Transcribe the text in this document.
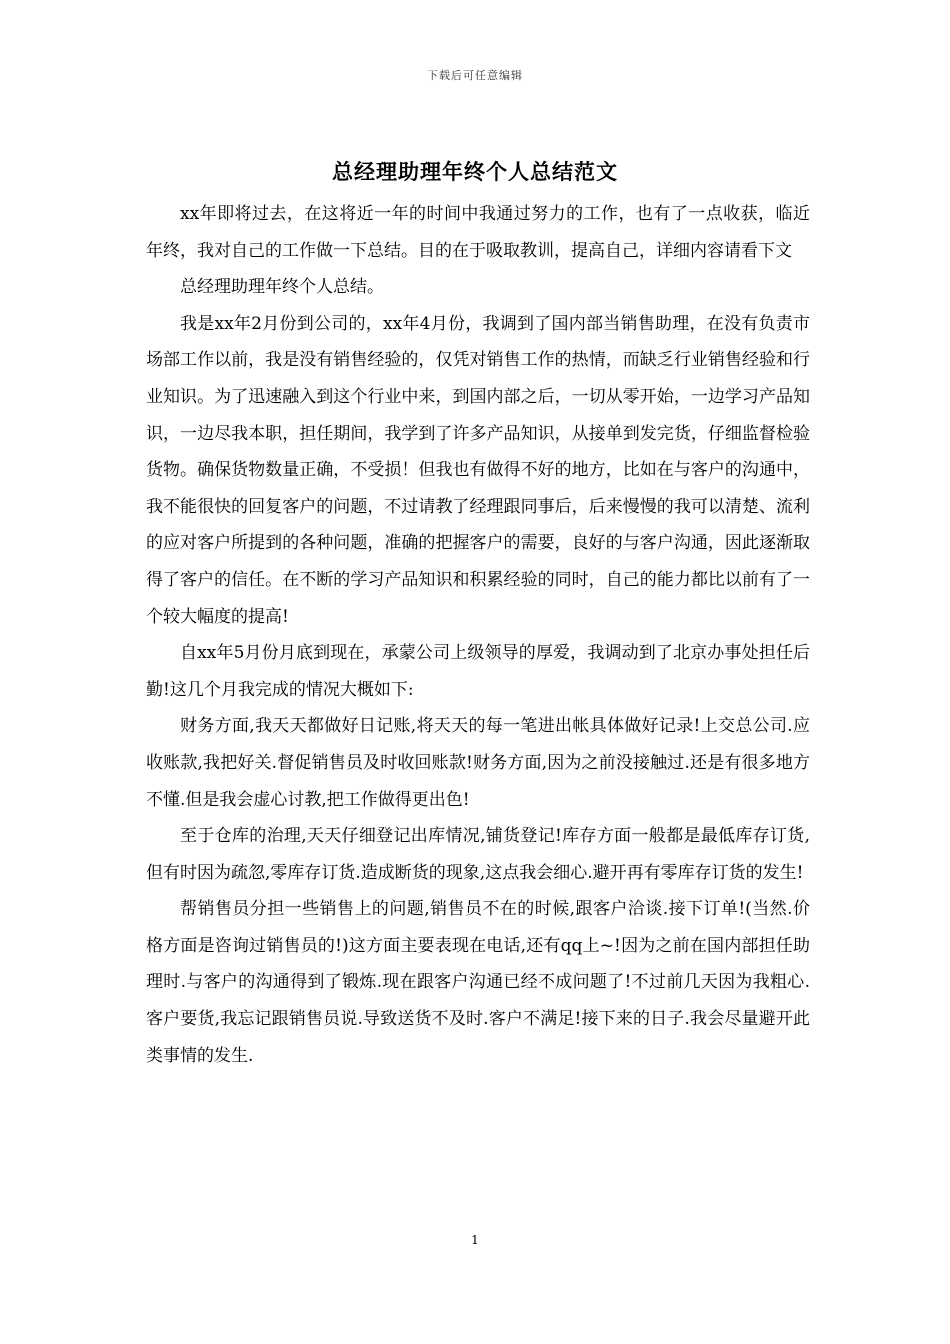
下载后可任意编辑
总经理助理年终个人总结范文

xx年即将过去，在这将近一年的时间中我通过努力的工作，也有了一点收获，临近年终，我对自己的工作做一下总结。目的在于吸取教训，提高自己，详细内容请看下文

总经理助理年终个人总结。

我是xx年2月份到公司的，xx年4月份，我调到了国内部当销售助理，在没有负责市场部工作以前，我是没有销售经验的，仅凭对销售工作的热情，而缺乏行业销售经验和行业知识。为了迅速融入到这个行业中来，到国内部之后，一切从零开始，一边学习产品知识，一边尽我本职，担任期间，我学到了许多产品知识，从接单到发完货，仔细监督检验货物。确保货物数量正确，不受损！但我也有做得不好的地方，比如在与客户的沟通中，我不能很快的回复客户的问题，不过请教了经理跟同事后，后来慢慢的我可以清楚、流利的应对客户所提到的各种问题，准确的把握客户的需要，良好的与客户沟通，因此逐渐取得了客户的信任。在不断的学习产品知识和积累经验的同时，自己的能力都比以前有了一个较大幅度的提高!

自xx年5月份月底到现在，承蒙公司上级领导的厚爱，我调动到了北京办事处担任后勤!这几个月我完成的情况大概如下:

财务方面,我天天都做好日记账,将天天的每一笔进出帐具体做好记录!上交总公司.应收账款,我把好关.督促销售员及时收回账款!财务方面,因为之前没接触过.还是有很多地方不懂.但是我会虚心讨教,把工作做得更出色!

至于仓库的治理,天天仔细登记出库情况,铺货登记!库存方面一般都是最低库存订货,但有时因为疏忽,零库存订货.造成断货的现象,这点我会细心.避开再有零库存订货的发生!

帮销售员分担一些销售上的问题,销售员不在的时候,跟客户洽谈.接下订单!(当然.价格方面是咨询过销售员的!)这方面主要表现在电话,还有qq上~!因为之前在国内部担任助理时.与客户的沟通得到了锻炼.现在跟客户沟通已经不成问题了!不过前几天因为我粗心.客户要货,我忘记跟销售员说.导致送货不及时.客户不满足!接下来的日子.我会尽量避开此类事情的发生.

1
